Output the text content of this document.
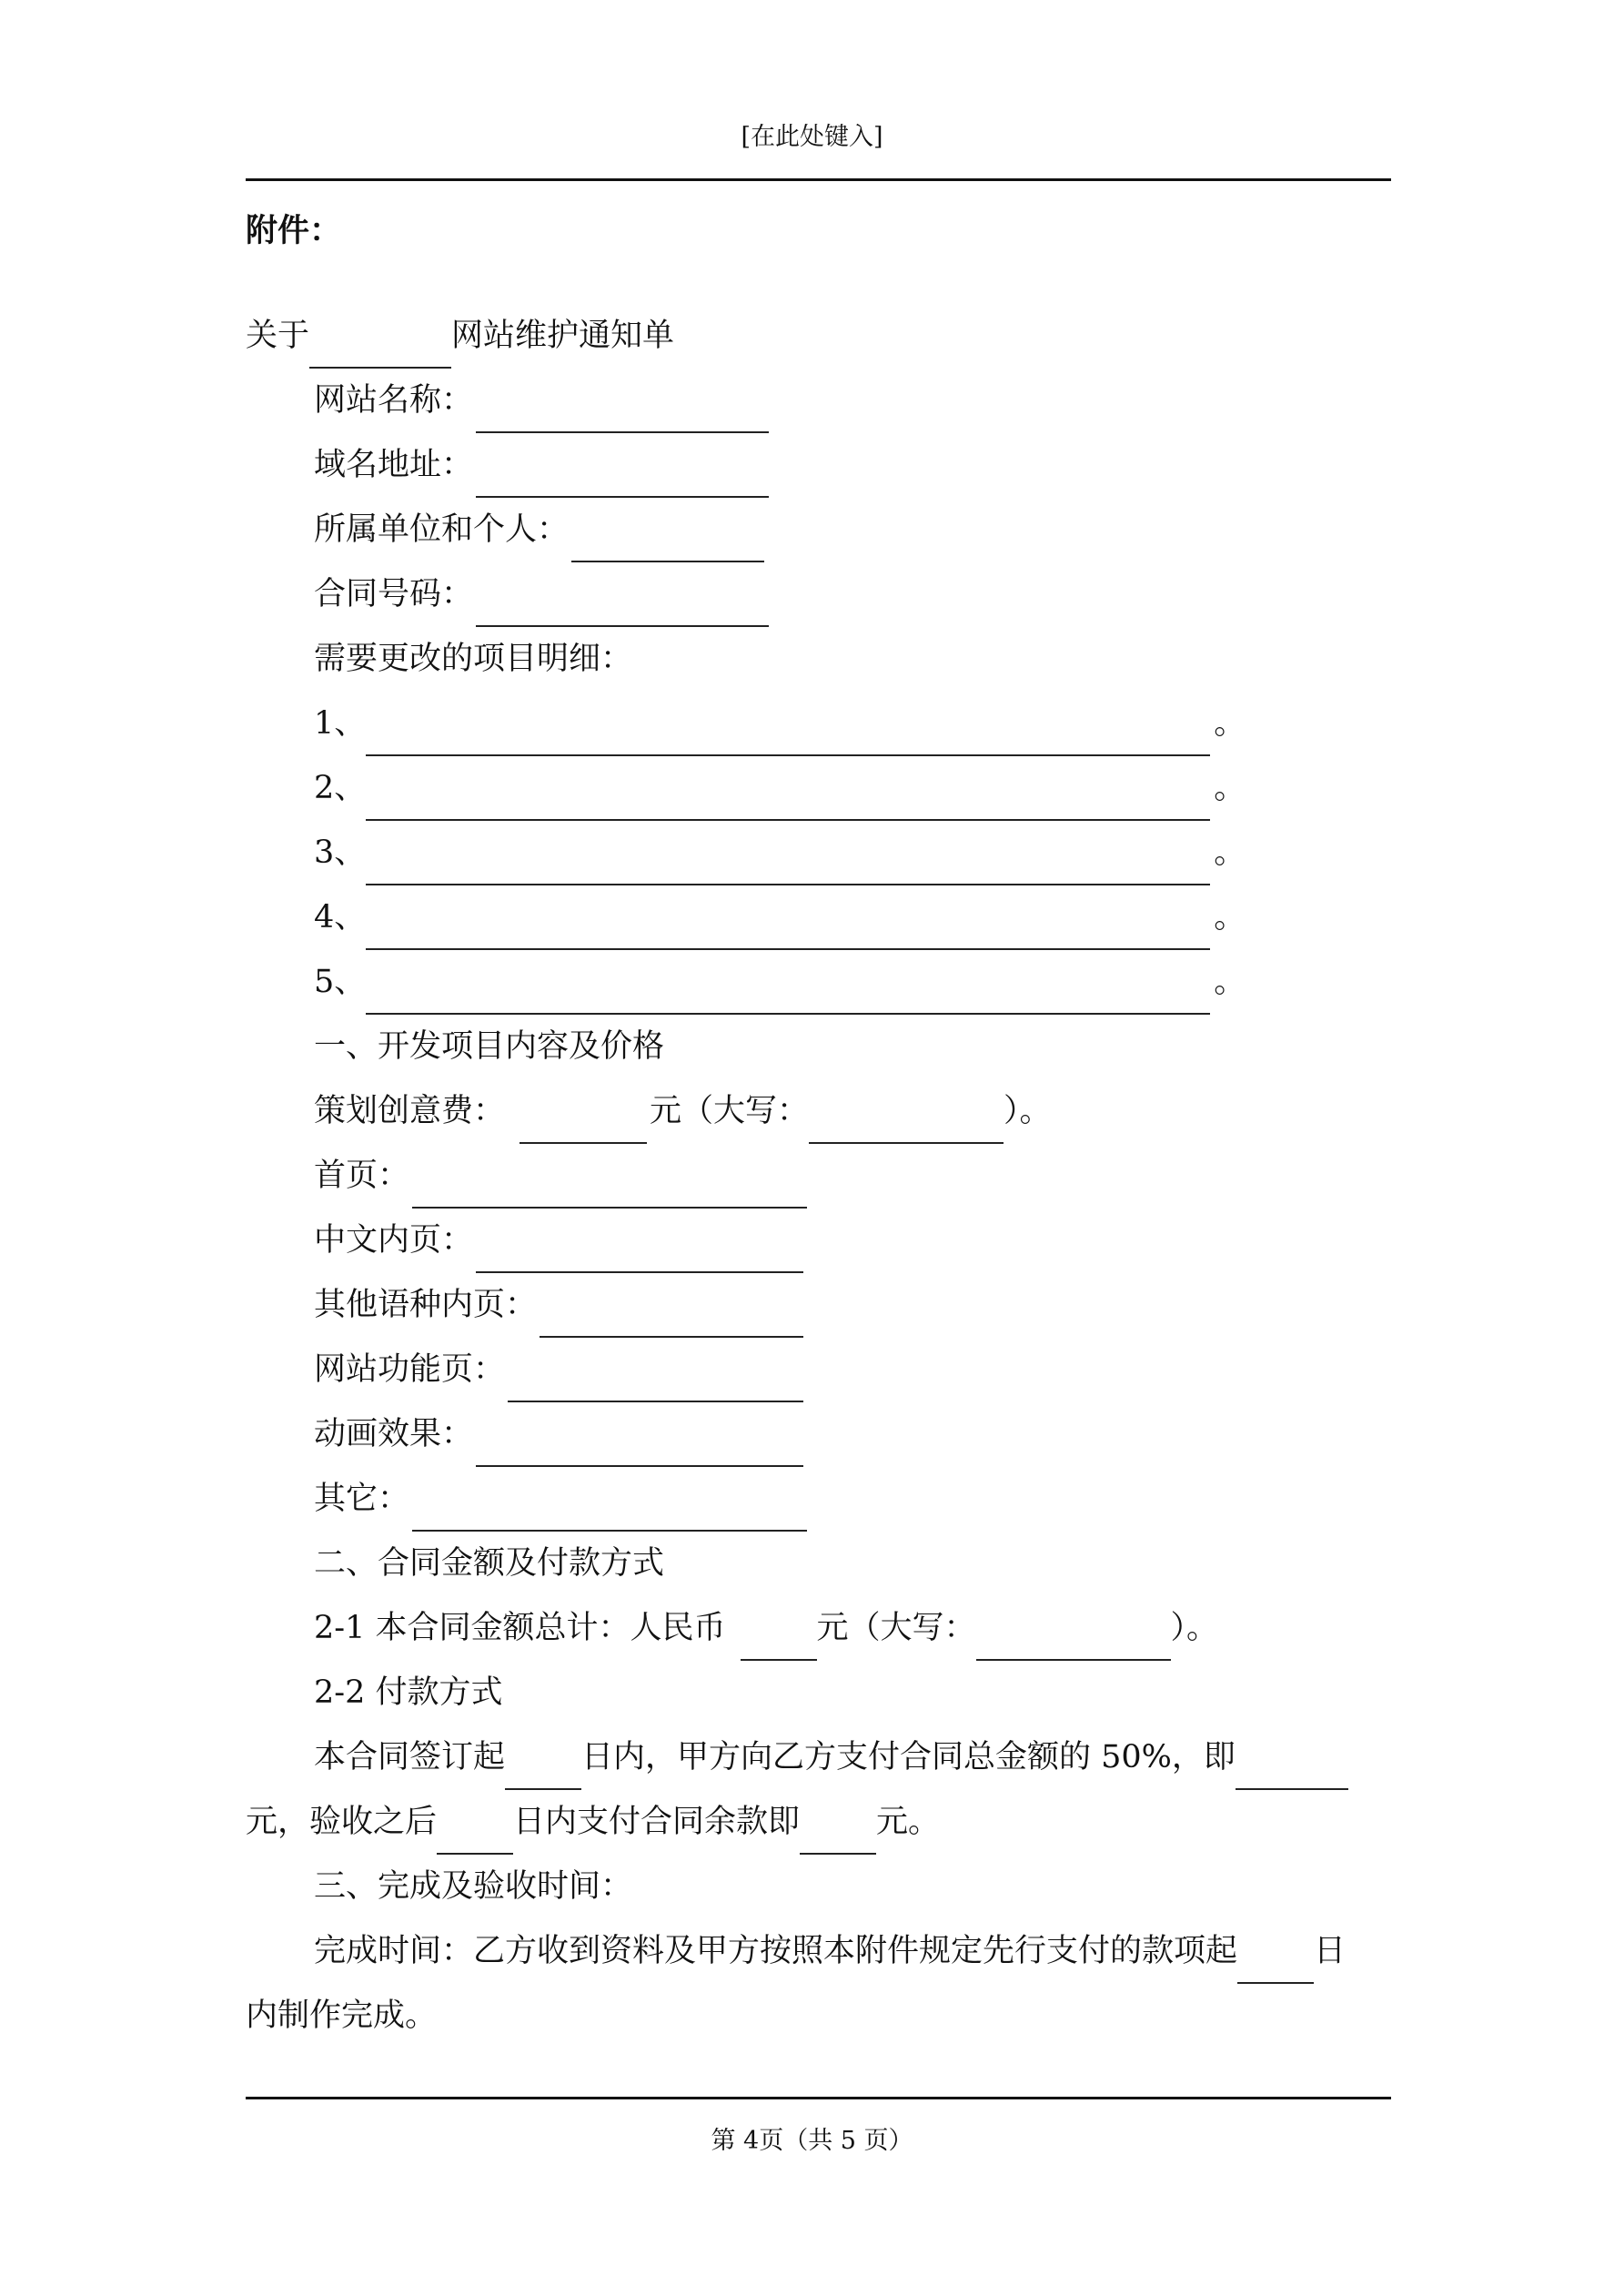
[在此处键入]
附件：
关于	网站维护通知单
网站名称：
域名地址：
所属单位和个人：
合同号码：
需要更改的项目明细：
1、	。
2、	。
3、	。
4、	。
5、	。
一、开发项目内容及价格
策划创意费：	元（大写：	）。
首页：
中文内页：
其他语种内页：
网站功能页：
动画效果：
其它：
二、合同金额及付款方式
2-1 本合同金额总计：人民币	元（大写：	）。
2-2 付款方式
本合同签订起 日内，甲方向乙方支付合同总金额的 50%，即
元，验收之后 日内支付合同余款即 元。
三、完成及验收时间：
完成时间：乙方收到资料及甲方按照本附件规定先行支付的款项起 日
内制作完成。
第 4页（共 5 页）
